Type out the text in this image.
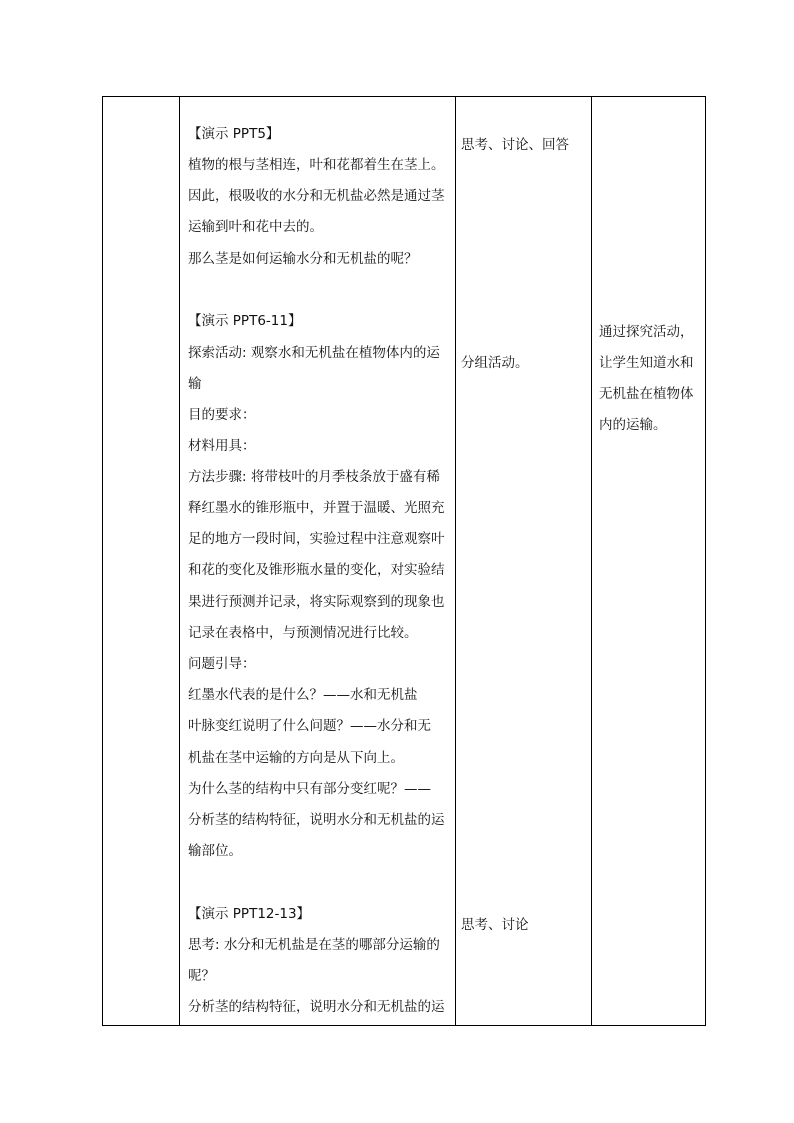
【演示 PPT5】
植物的根与茎相连，叶和花都着生在茎上。
因此，根吸收的水分和无机盐必然是通过茎
运输到叶和花中去的。
那么茎是如何运输水分和无机盐的呢？
【演示 PPT6-11】
探索活动: 观察水和无机盐在植物体内的运
输
目的要求：
材料用具：
方法步骤: 将带枝叶的月季枝条放于盛有稀
释红墨水的锥形瓶中，并置于温暖、光照充
足的地方一段时间，实验过程中注意观察叶
和花的变化及锥形瓶水量的变化，对实验结
果进行预测并记录，将实际观察到的现象也
记录在表格中，与预测情况进行比较。
问题引导：
红墨水代表的是什么？——水和无机盐
叶脉变红说明了什么问题？——水分和无
机盐在茎中运输的方向是从下向上。
为什么茎的结构中只有部分变红呢？——
分析茎的结构特征，说明水分和无机盐的运
输部位。
【演示 PPT12-13】
思考: 水分和无机盐是在茎的哪部分运输的
呢？
分析茎的结构特征，说明水分和无机盐的运
思考、讨论、回答
分组活动。
思考、讨论
通过探究活动，
让学生知道水和
无机盐在植物体
内的运输。
